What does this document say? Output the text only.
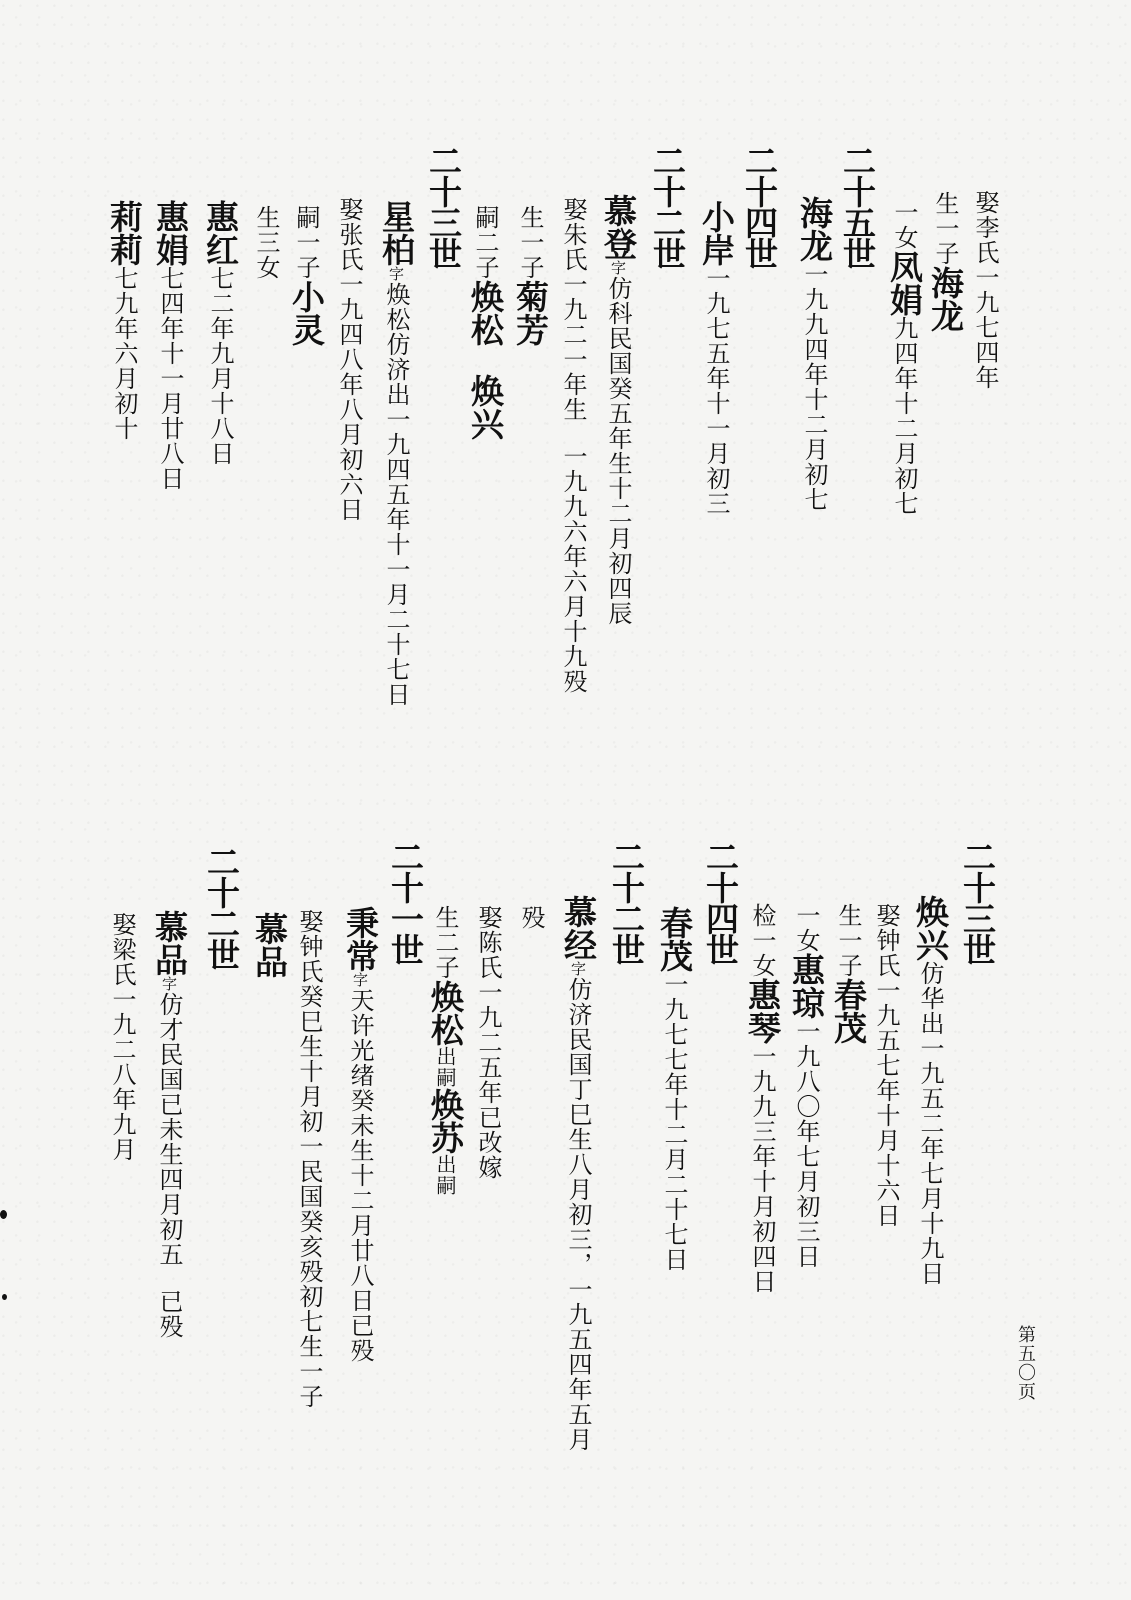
娶李氏一九七四年
生一子海龙
一女凤娟九四年十二月初七
二十五世
海龙一九九四年十二月初七
二十四世
小岸一九七五年十一月初三
二十二世
慕登字仿科民国癸五年生十二月初四辰
娶朱氏一九二一年生一九九六年六月十九殁
生一子菊芳
嗣二子焕松焕兴
二十三世
星柏字焕松仿济出一九四五年十一月二十七日
娶张氏一九四八年八月初六日
嗣一子小灵
生三女
惠红七二年九月十八日
惠娟七四年十一月廿八日
莉莉七九年六月初十
二十三世
焕兴仿华出一九五二年七月十九日
娶钟氏一九五七年十月十六日
生一子春茂
一女惠琼一九八〇年七月初三日
检一女惠琴一九九三年十月初四日
二十四世
春茂一九七七年十二月二十七日
二十二世
慕经字仿济民国丁巳生八月初三，一九五四年五月
殁
娶陈氏一九二五年已改嫁
生二子焕松出嗣焕苏出嗣
二十一世
秉常字天许光绪癸未生十二月廿八日已殁
娶钟氏癸巳生十月初一民国癸亥殁初七生一子
慕品
二十二世
慕品字仿才民国已未生四月初五已殁
娶梁氏一九二八年九月
第五〇页
